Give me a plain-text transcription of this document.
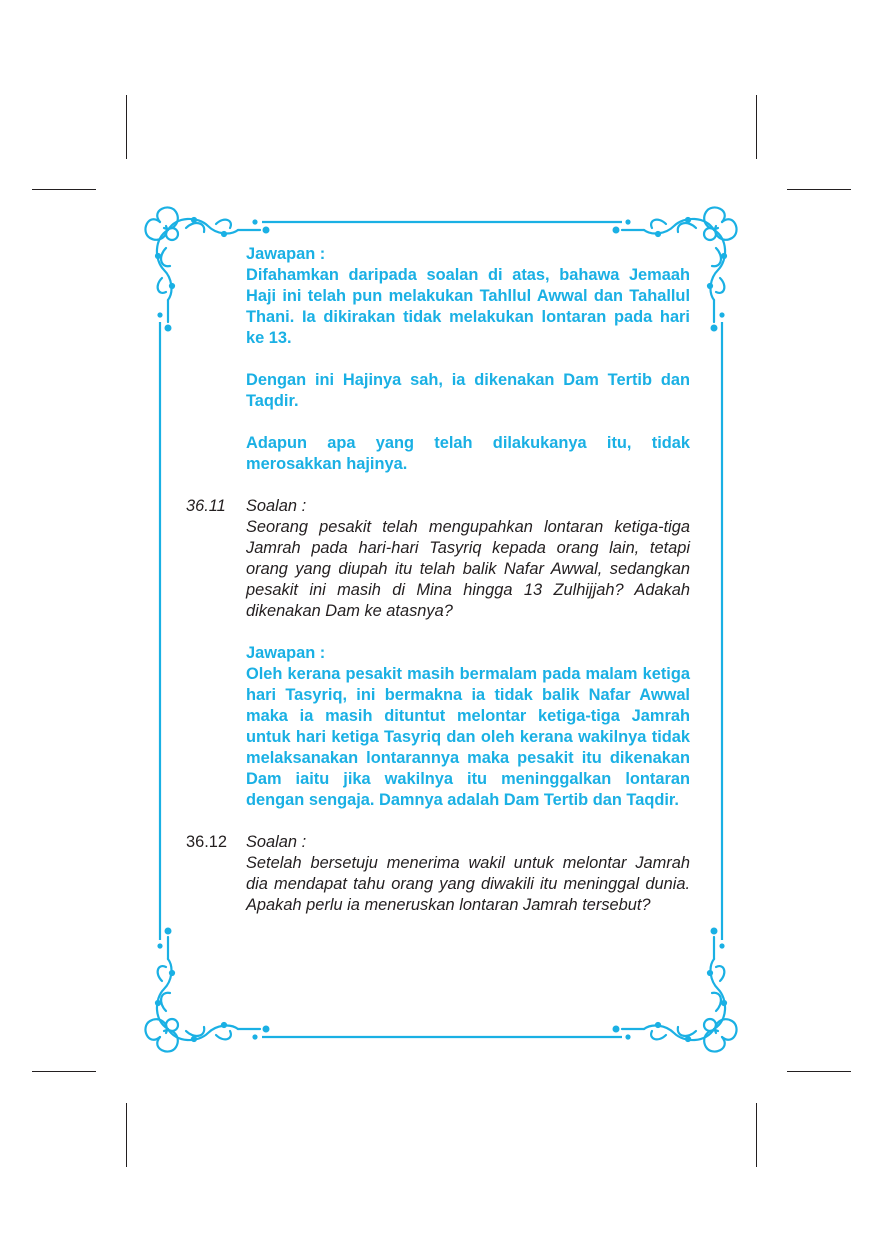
Jawapan :

Difahamkan daripada soalan di atas, bahawa Jemaah Haji ini telah pun melakukan Tahllul Awwal dan Tahallul Thani. Ia dikirakan tidak melakukan lontaran pada hari ke 13.

Dengan ini Hajinya sah, ia dikenakan Dam Tertib dan Taqdir.

Adapun apa yang telah dilakukanya itu, tidak merosakkan hajinya.

36.11 Soalan :

Seorang pesakit telah mengupahkan lontaran ketiga-tiga Jamrah pada hari-hari Tasyriq kepada orang lain, tetapi orang yang diupah itu telah balik Nafar Awwal, sedangkan pesakit ini masih di Mina hingga 13 Zulhijjah? Adakah dikenakan Dam ke atasnya?

Jawapan :

Oleh kerana pesakit masih bermalam pada malam ketiga hari Tasyriq, ini bermakna ia tidak balik Nafar Awwal maka ia masih dituntut melontar ketiga-tiga Jamrah untuk hari ketiga Tasyriq dan oleh kerana wakilnya tidak melaksanakan lontarannya maka pesakit itu dikenakan Dam iaitu jika wakilnya itu meninggalkan lontaran dengan sengaja. Damnya adalah Dam Tertib dan Taqdir.

36.12 Soalan :

Setelah bersetuju menerima wakil untuk melontar Jamrah dia mendapat tahu orang yang diwakili itu meninggal dunia. Apakah perlu ia meneruskan lontaran Jamrah tersebut?
